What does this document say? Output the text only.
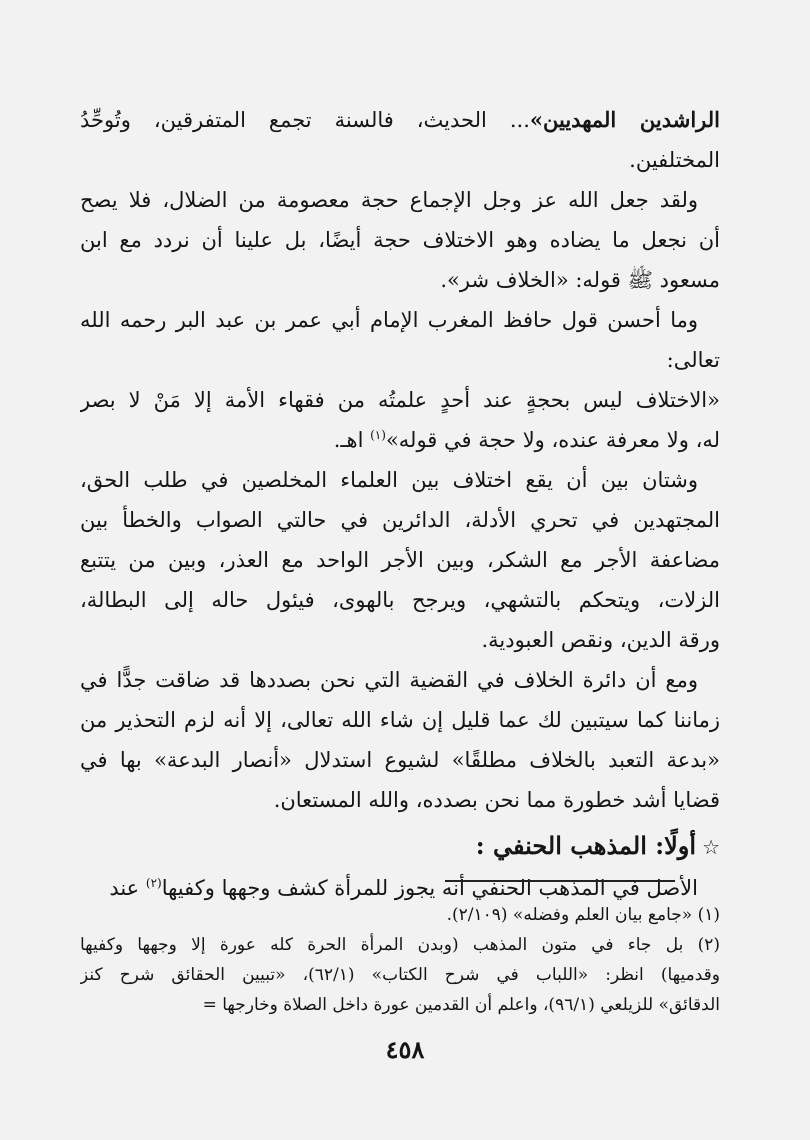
الراشدين المهديين»... الحديث، فالسنة تجمع المتفرقين، وتُوحِّدُ
المختلفين.
ولقد جعل الله عز وجل الإجماع حجة معصومة من الضلال، فلا يصح
أن نجعل ما يضاده وهو الاختلاف حجة أيضًا، بل علينا أن نردد مع ابن
مسعود ﷺ قوله: «الخلاف شر».
وما أحسن قول حافظ المغرب الإمام أبي عمر بن عبد البر رحمه الله
تعالى:
«الاختلاف ليس بحجةٍ عند أحدٍ علمتُه من فقهاء الأمة إلا مَنْ لا بصر
له، ولا معرفة عنده، ولا حجة في قوله»$^{(١)}$ اهـ.
وشتان بين أن يقع اختلاف بين العلماء المخلصين في طلب الحق،
المجتهدين في تحري الأدلة، الدائرين في حالتي الصواب والخطأ بين
مضاعفة الأجر مع الشكر، وبين الأجر الواحد مع العذر، وبين من يتتبع
الزلات، ويتحكم بالتشهي، ويرجح بالهوى، فيئول حاله إلى البطالة،
ورقة الدين، ونقص العبودية.
ومع أن دائرة الخلاف في القضية التي نحن بصددها قد ضاقت جدًّا في
زماننا كما سيتبين لك عما قليل إن شاء الله تعالى، إلا أنه لزم التحذير من
«بدعة التعبد بالخلاف مطلقًا» لشيوع استدلال «أنصار البدعة» بها في
قضايا أشد خطورة مما نحن بصدده، والله المستعان.
☆أولًا: المذهب الحنفي :
الأصل في المذهب الحنفي أنه يجوز للمرأة كشف وجهها وكفيها$^{(٢)}$ عند
(١) «جامع بيان العلم وفضله» (٢/١٠٩).
(٢) بل جاء في متون المذهب (وبدن المرأة الحرة كله عورة إلا وجهها وكفيها
وقدميها) انظر: «اللباب في شرح الكتاب» (٦٢/١)، «تبيين الحقائق شرح كنز
الدقائق» للزيلعي (٩٦/١)، واعلم أن القدمين عورة داخل الصلاة وخارجها =
٤٥٨
